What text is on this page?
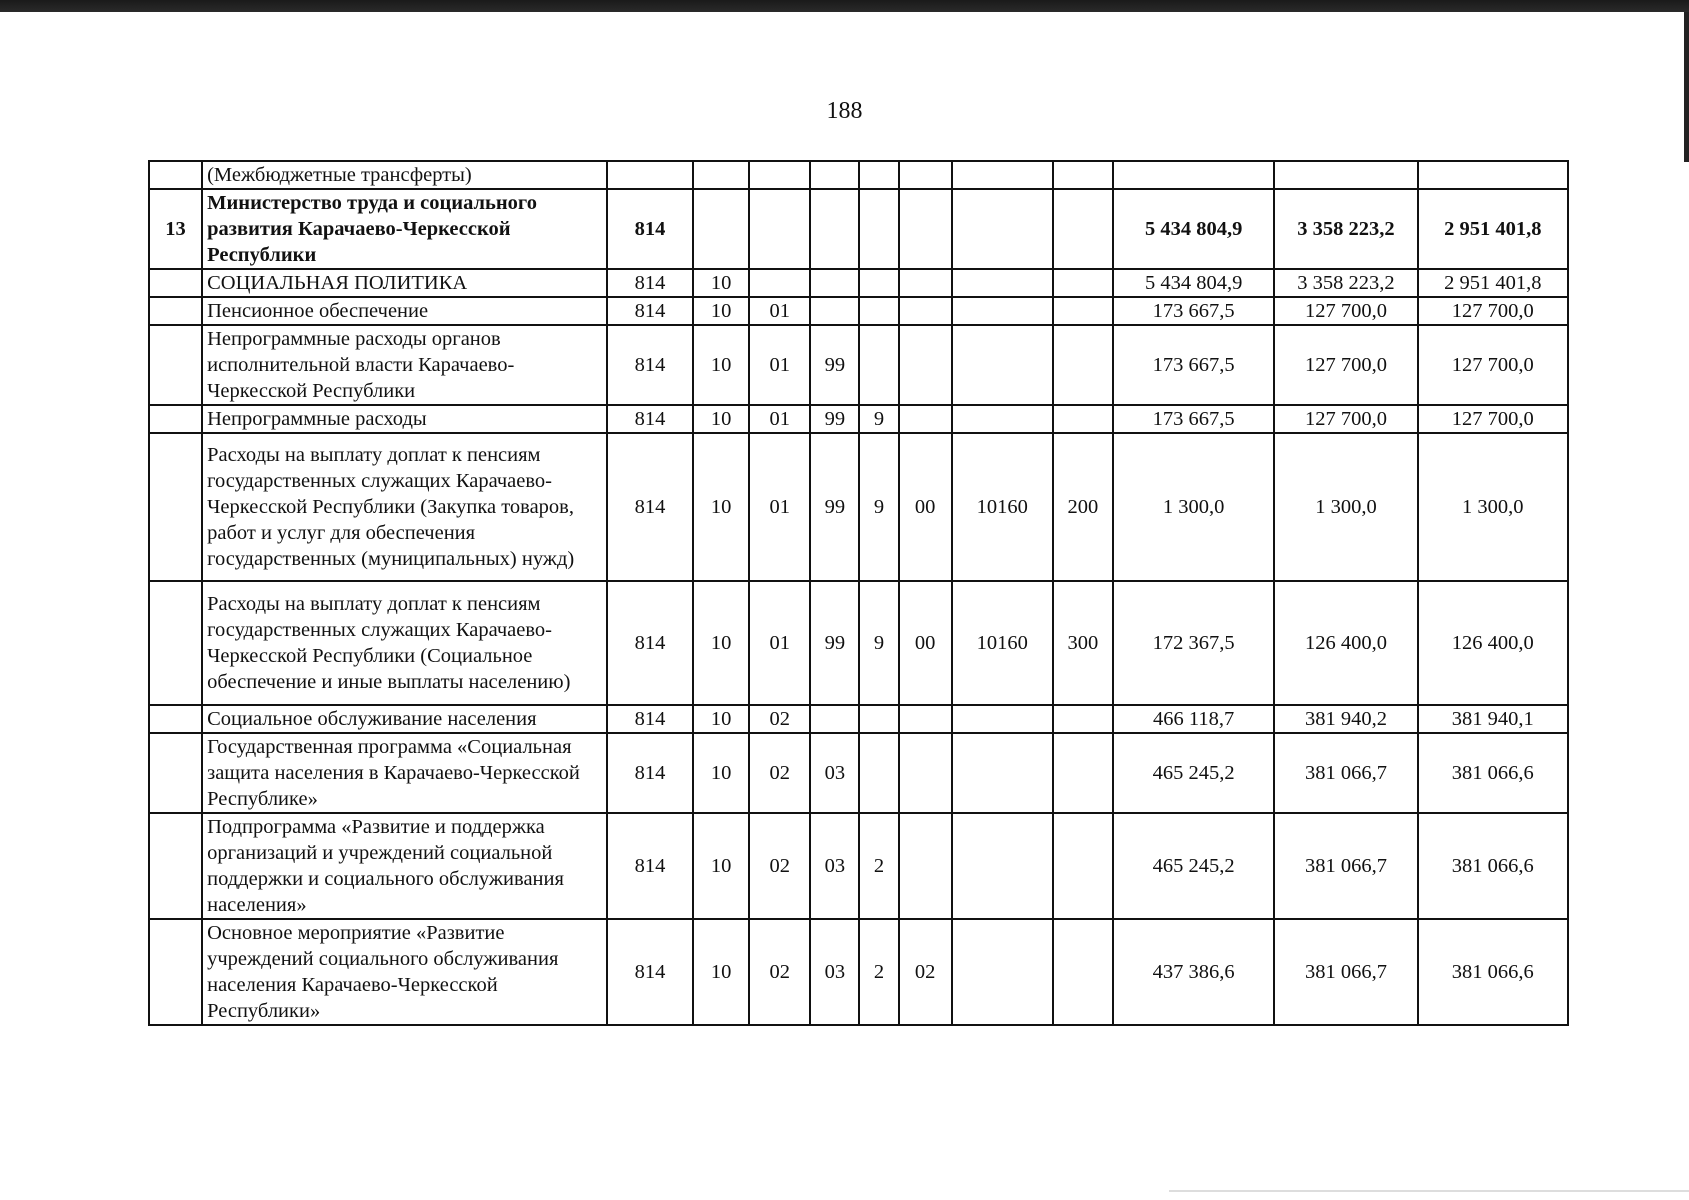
188
	(Межбюджетные трансферты)											
13	Министерство труда и социального развития Карачаево-Черкесской Республики	814								5 434 804,9	3 358 223,2	2 951 401,8
	СОЦИАЛЬНАЯ ПОЛИТИКА	814	10							5 434 804,9	3 358 223,2	2 951 401,8
	Пенсионное обеспечение	814	10	01						173 667,5	127 700,0	127 700,0
	Непрограммные расходы органов исполнительной власти Карачаево-Черкесской Республики	814	10	01	99					173 667,5	127 700,0	127 700,0
	Непрограммные расходы	814	10	01	99	9				173 667,5	127 700,0	127 700,0
	Расходы на выплату доплат к пенсиям государственных служащих Карачаево-Черкесской Республики (Закупка товаров, работ и услуг для обеспечения государственных (муниципальных) нужд)	814	10	01	99	9	00	10160	200	1 300,0	1 300,0	1 300,0
	Расходы на выплату доплат к пенсиям государственных служащих Карачаево-Черкесской Республики (Социальное обеспечение и иные выплаты населению)	814	10	01	99	9	00	10160	300	172 367,5	126 400,0	126 400,0
	Социальное обслуживание населения	814	10	02						466 118,7	381 940,2	381 940,1
	Государственная программа «Социальная защита населения в Карачаево-Черкесской Республике»	814	10	02	03					465 245,2	381 066,7	381 066,6
	Подпрограмма «Развитие и поддержка организаций и учреждений социальной поддержки и социального обслуживания населения»	814	10	02	03	2				465 245,2	381 066,7	381 066,6
	Основное мероприятие «Развитие учреждений социального обслуживания населения Карачаево-Черкесской Республики»	814	10	02	03	2	02			437 386,6	381 066,7	381 066,6
